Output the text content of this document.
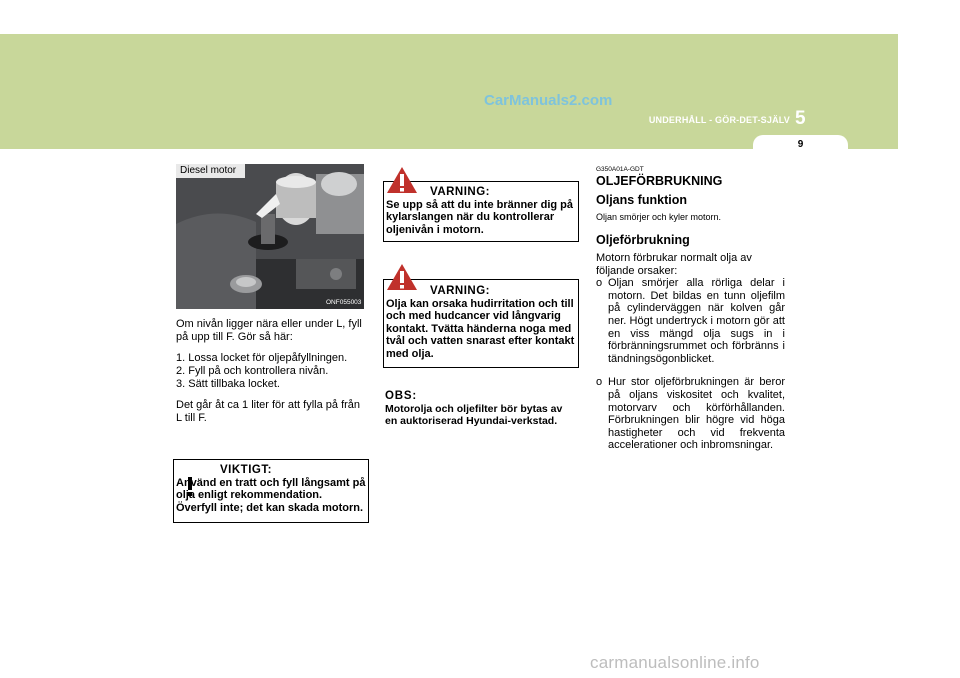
CarManuals2.com
UNDERHÅLL - GÖR-DET-SJÄLV 5
9
Diesel motor
ONF055003

Om nivån ligger nära eller under L, fyll på upp till F. Gör så här:

1. Lossa locket för oljepåfyllningen.
2. Fyll på och kontrollera nivån.
3. Sätt tillbaka locket.

Det går åt ca 1 liter för att fylla på från L till F.

VIKTIGT:
Använd en tratt och fyll långsamt på olja enligt rekommendation. Överfyll inte; det kan skada motorn.
VARNING:
Se upp så att du inte bränner dig på kylarslangen när du kontrollerar oljenivån i motorn.
VARNING:
Olja kan orsaka hudirritation och till och med hudcancer vid långvarig kontakt. Tvätta händerna noga med tvål och vatten snarast efter kontakt med olja.
OBS:
Motorolja och oljefilter bör bytas av en auktoriserad Hyundai-verkstad.
G350A01A-GDT
OLJEFÖRBRUKNING
Oljans funktion
Oljan smörjer och kyler motorn.
Oljeförbrukning
Motorn förbrukar normalt olja av följande orsaker:
o Oljan smörjer alla rörliga delar i motorn. Det bildas en tunn oljefilm på cylinderväggen när kolven går ner. Högt undertryck i motorn gör att en viss mängd olja sugs in i förbränningsrummet och förbränns i tändningsögonblicket.
o Hur stor oljeförbrukningen är beror på oljans viskositet och kvalitet, motorvarv och körförhållanden. Förbrukningen blir högre vid höga hastigheter och vid frekventa accelerationer och inbromsningar.
carmanualsonline.info
